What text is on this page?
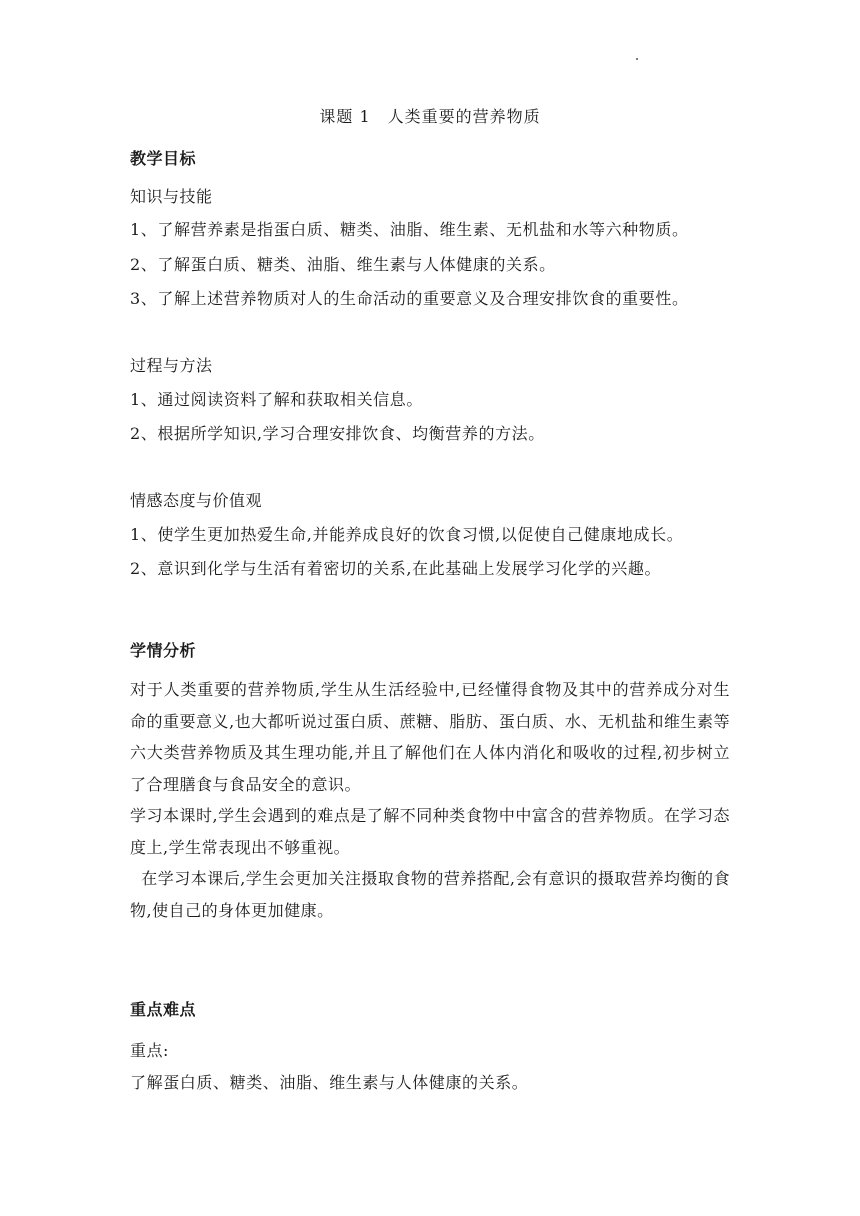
课题 1　人类重要的营养物质
教学目标
知识与技能
1、了解营养素是指蛋白质、糖类、油脂、维生素、无机盐和水等六种物质。
2、了解蛋白质、糖类、油脂、维生素与人体健康的关系。
3、了解上述营养物质对人的生命活动的重要意义及合理安排饮食的重要性。
过程与方法
1、通过阅读资料了解和获取相关信息。
2、根据所学知识,学习合理安排饮食、均衡营养的方法。
情感态度与价值观
1、使学生更加热爱生命,并能养成良好的饮食习惯,以促使自己健康地成长。
2、意识到化学与生活有着密切的关系,在此基础上发展学习化学的兴趣。
学情分析

对于人类重要的营养物质,学生从生活经验中,已经懂得食物及其中的营养成分对生命的重要意义,也大都听说过蛋白质、蔗糖、脂肪、蛋白质、水、无机盐和维生素等六大类营养物质及其生理功能,并且了解他们在人体内消化和吸收的过程,初步树立了合理膳食与食品安全的意识。

学习本课时,学生会遇到的难点是了解不同种类食物中中富含的营养物质。在学习态度上,学生常表现出不够重视。

在学习本课后,学生会更加关注摄取食物的营养搭配,会有意识的摄取营养均衡的食物,使自己的身体更加健康。

重点难点
重点:
了解蛋白质、糖类、油脂、维生素与人体健康的关系。
